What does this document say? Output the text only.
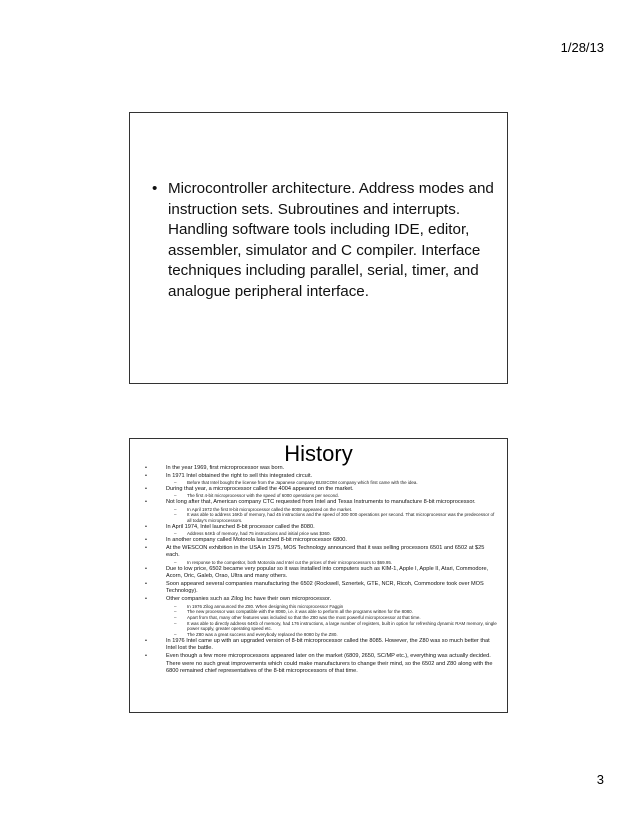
1/28/13
• Microcontroller architecture. Address modes and instruction sets. Subroutines and interrupts. Handling software tools including IDE, editor, assembler, simulator and C compiler. Interface techniques including parallel, serial, timer, and analogue peripheral interface.
History
• In the year 1969, first microprocessor was born.
• In 1971 Intel obtained the right to sell this integrated circuit.
– Before that Intel bought the license from the Japanese company BUSICOM company which first came with the idea.
• During that year, a microprocessor called the 4004 appeared on the market.
– The first 4-bit microprocessor with the speed of 6000 operations per second.
• Not long after that, American company CTC requested from Intel and Texas Instruments to manufacture 8-bit microprocessor.
– In April 1972 the first 8-bit microprocessor called the 8008 appeared on the market.
– It was able to address 16Kb of memory, had 45 instructions and the speed of 300 000 operations per second. That microprocessor was the predecessor of all today's microprocessors.
• In April 1974, Intel launched 8-bit processor called the 8080.
– Address 64Kb of memory, had 75 instructions and initial price was $360.
• In another company called Motorola launched 8-bit microprocessor 6800.
• At the WESCON exhibition in the USA in 1975, MOS Technology announced that it was selling processors 6501 and 6502 at $25 each.
– In response to the competitor, both Motorola and Intel cut the prices of their microprocessors to $69.95.
• Due to low price, 6502 became very popular so it was installed into computers such as KIM-1, Apple I, Apple II, Atari, Commodore, Acorn, Oric, Galeb, Orao, Ultra and many others.
• Soon appeared several companies manufacturing the 6502 (Rockwell, Sznertek, GTE, NCR, Ricoh, Commodore took over MOS Technology).
• Other companies such as Zilog Inc have their own microprocessor.
– In 1976 Zilog announced the Z80. When designing this microprocessor Faggin
– The new processor was compatible with the 8080, i.e. it was able to perform all the programs written for the 8080.
– Apart from that, many other features was included so that the Z80 was the most powerful microprocessor at that time.
– It was able to directly address 64Kb of memory, had 176 instructions, a large number of registers, built in option for refreshing dynamic RAM memory, single power supply, greater operating speed etc.
– The Z80 was a great success and everybody replaced the 8080 by the Z80.
• In 1976 Intel came up with an upgraded version of 8-bit microprocessor called the 8085. However, the Z80 was so much better that Intel lost the battle.
• Even though a few more microprocessors appeared later on the market (6809, 2650, SC/MP etc.), everything was actually decided. There were no such great improvements which could make manufacturers to change their mind, so the 6502 and Z80 along with the 6800 remained chief representatives of the 8-bit microprocessors of that time.
3
